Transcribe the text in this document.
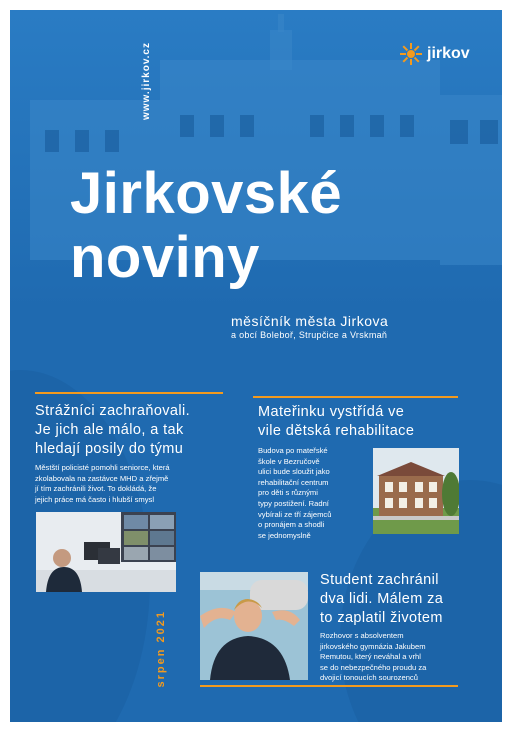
www.jirkov.cz	jirkov
Jirkovské
noviny
měsíčník města Jirkova
a obcí Boleboř, Strupčice a Vrskmaň
Strážníci zachraňovali.
Je jich ale málo, a tak
hledají posily do týmu
Městští policisté pomohli seniorce, která
zkolabovala na zastávce MHD a zřejmě
jí tím zachránili život. To dokládá, že
jejich práce má často i hlubší smysl
Mateřinku vystřídá ve
vile dětská rehabilitace
Budova po mateřské
škole v Bezručově
ulici bude sloužit jako
rehabilitační centrum
pro děti s různými
typy postižení. Radní
vybírali ze tří zájemců
o pronájem a shodli
se jednomyslně
Student zachránil
dva lidi. Málem za
to zaplatil životem
Rozhovor s absolventem
jirkovského gymnázia Jakubem
Remutou, který neváhal a vrhl
se do nebezpečného proudu za
dvojicí tonoucích sourozenců
srpen 2021
